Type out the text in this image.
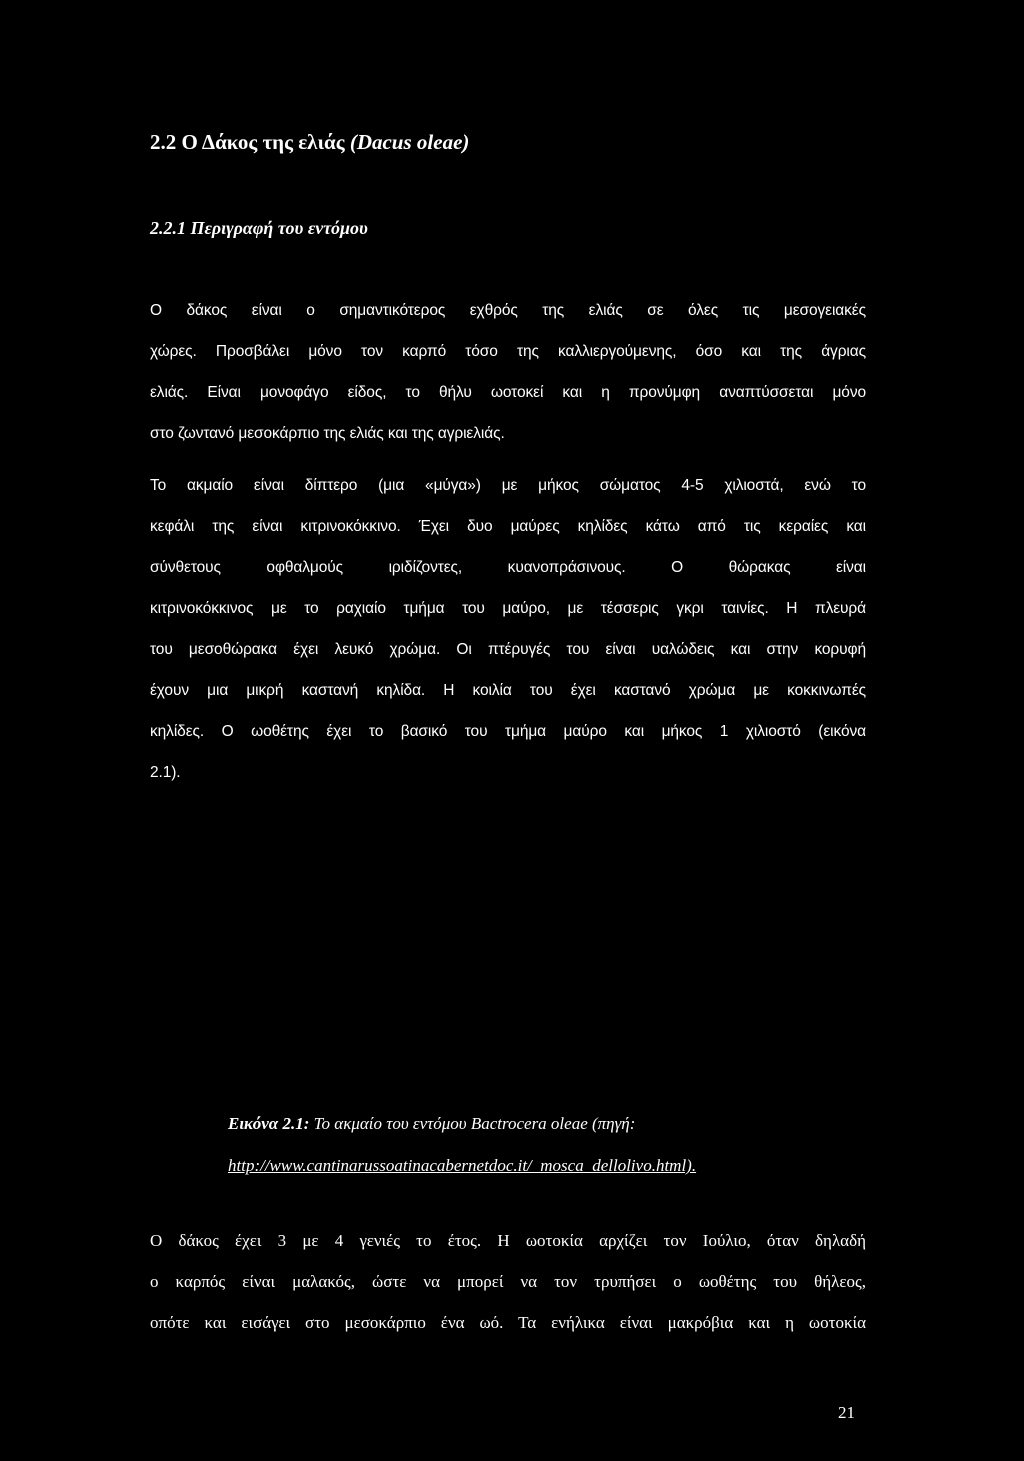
2.2 Ο Δάκος της ελιάς (Dacus oleae)
2.2.1 Περιγραφή του εντόμου

Ο δάκος είναι ο σημαντικότερος εχθρός της ελιάς σε όλες τις μεσογειακές
χώρες. Προσβάλει μόνο τον καρπό τόσο της καλλιεργούμενης, όσο και της άγριας
ελιάς. Είναι μονοφάγο είδος, το θήλυ ωοτοκεί και η προνύμφη αναπτύσσεται μόνο
στο ζωντανό μεσοκάρπιο της ελιάς και της αγριελιάς.

Το ακμαίο είναι δίπτερο (μια «μύγα») με μήκος σώματος 4-5 χιλιοστά, ενώ το
κεφάλι της είναι κιτρινοκόκκινο. Έχει δυο μαύρες κηλίδες κάτω από τις κεραίες και
σύνθετους οφθαλμούς ιριδίζοντες, κυανοπράσινους. Ο θώρακας είναι
κιτρινοκόκκινος με το ραχιαίο τμήμα του μαύρο, με τέσσερις γκρι ταινίες. Η πλευρά
του μεσοθώρακα έχει λευκό χρώμα. Οι πτέρυγές του είναι υαλώδεις και στην κορυφή
έχουν μια μικρή καστανή κηλίδα. Η κοιλία του έχει καστανό χρώμα με κοκκινωπές
κηλίδες. Ο ωοθέτης έχει το βασικό του τμήμα μαύρο και μήκος 1 χιλιοστό (εικόνα
2.1).

Εικόνα 2.1: Το ακμαίο του εντόμου Bactrocera oleae (πηγή:
http://www.cantinarussoatinacabernetdoc.it/_mosca_dellolivo.html).

Ο δάκος έχει 3 με 4 γενιές το έτος. Η ωοτοκία αρχίζει τον Ιούλιο, όταν δηλαδή
ο καρπός είναι μαλακός, ώστε να μπορεί να τον τρυπήσει ο ωοθέτης του θήλεος,
οπότε και εισάγει στο μεσοκάρπιο ένα ωό. Τα ενήλικα είναι μακρόβια και η ωοτοκία

21
